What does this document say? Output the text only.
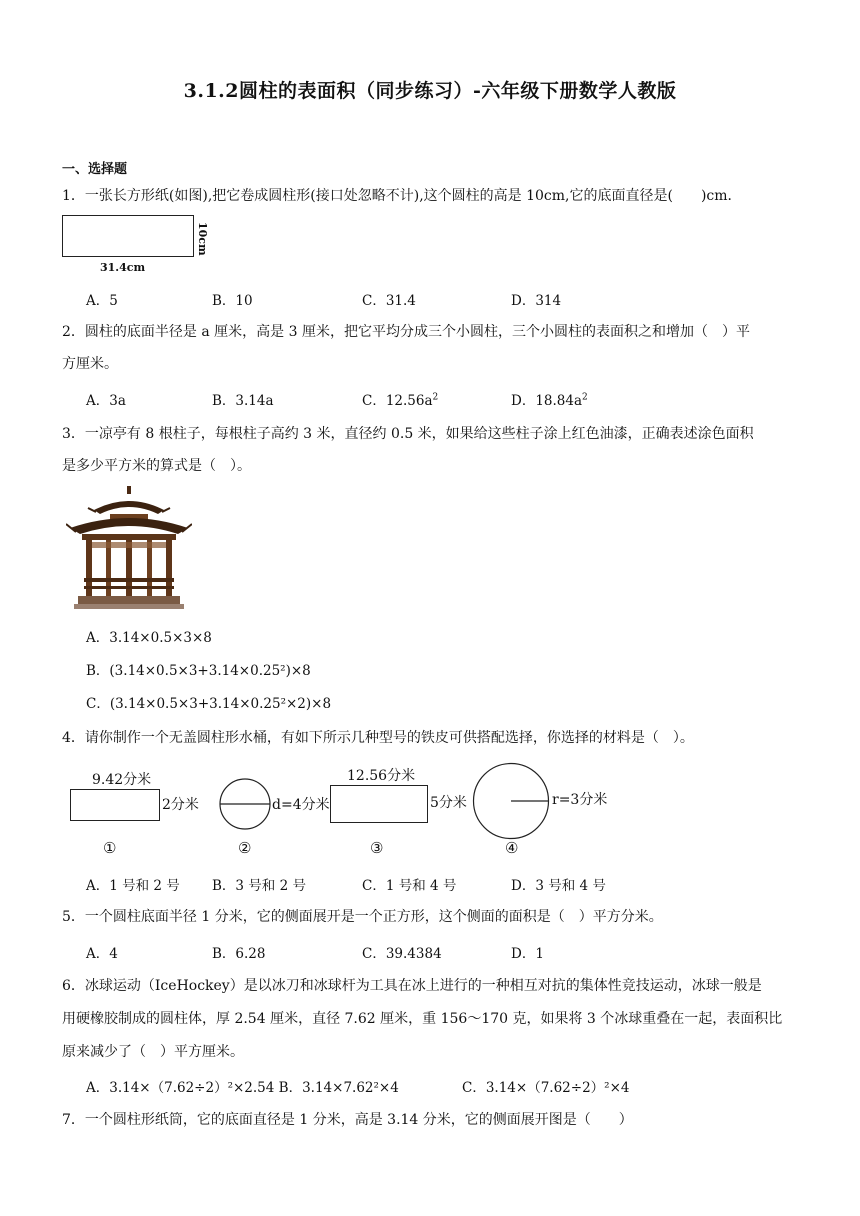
3.1.2圆柱的表面积（同步练习）-六年级下册数学人教版
一、选择题
1．一张长方形纸(如图),把它卷成圆柱形(接口处忽略不计),这个圆柱的高是 10cm,它的底面直径是(　　)cm．
10cm
31.4cm
A．5	B．10	C．31.4	D．314
2．圆柱的底面半径是 a 厘米，高是 3 厘米，把它平均分成三个小圆柱，三个小圆柱的表面积之和增加（　）平
方厘米。
A．3a	B．3.14a	C．$12.56a^2$	D．$18.84a^2$
3．一凉亭有 8 根柱子，每根柱子高约 3 米，直径约 0.5 米，如果给这些柱子涂上红色油漆，正确表述涂色面积
是多少平方米的算式是（　）。
A．3.14×0.5×3×8
B．(3.14×0.5×3+3.14×0.25²)×8
C．(3.14×0.5×3+3.14×0.25²×2)×8
4．请你制作一个无盖圆柱形水桶，有如下所示几种型号的铁皮可供搭配选择，你选择的材料是（　）。
9.42分米
2分米	d=4分米
12.56分米
5分米	r=3分米
①	②	③	④
A．1 号和 2 号 B．3 号和 2 号	C．1 号和 4 号	D．3 号和 4 号
5．一个圆柱底面半径 1 分米，它的侧面展开是一个正方形，这个侧面的面积是（　）平方分米。
A．4	B．6.28	C．39.4384	D．1
6．冰球运动（IceHockey）是以冰刀和冰球杆为工具在冰上进行的一种相互对抗的集体性竞技运动，冰球一般是
用硬橡胶制成的圆柱体，厚 2.54 厘米，直径 7.62 厘米，重 156～170 克，如果将 3 个冰球重叠在一起，表面积比
原来减少了（　）平方厘米。
A．3.14×（7.62÷2）²×2.54 B．3.14×7.62²×4	C．3.14×（7.62÷2）²×4
7．一个圆柱形纸筒，它的底面直径是 1 分米，高是 3.14 分米，它的侧面展开图是（　　）
